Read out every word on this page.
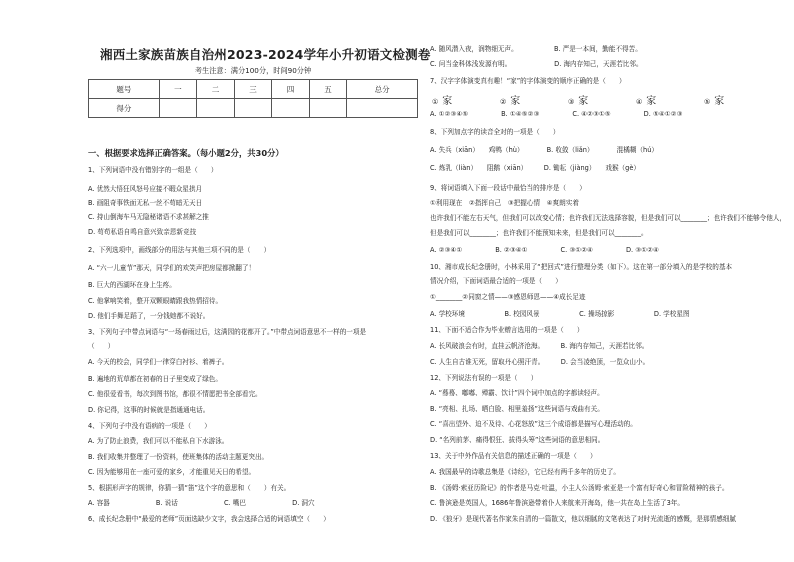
湘西土家族苗族自治州2023-2024学年小升初语文检测卷
考生注意：满分100分，时间90分钟
题号	一	二	三	四	五	总分
得分						
一、根据要求选择正确答案。（每小题2分，共30分）
1、下列词语中没有错别字的一组是（　　）
A. 优然大悟狂风怒号应接不暇众星拱月
B. 画阻奇事铁面无私一丝不苟暗无天日
C. 持山倒海车马无隐秘诸语不求甚解之推
D. 苟苟私语自鸣自意兴致亲恩新竞技
2、下列选项中，画线部分的用法与其他三项不同的是（　　）
A. “六一儿童节”那天，同学们的欢笑声把房屋都掀翻了！
B. 巨大的西湖环在身上生疼。
C. 他掌响笑着，整开双颗眼睛跟我热情招待。
D. 他们手舞足蹈了，一分钱她都不说好。
3、下列句子中带点词语与“一场春雨过后，这满园的花都开了。”中带点词语意思不一样的一项是
（　　）
A. 今天的校会，同学们一律穿白衬衫、着裤子。
B. 遍地的荒草都在初春的日子里变成了绿色。
C. 他很爱看书，每次到图书馆，都很不情愿把书全部看完。
D. 你记得，这事的时候就是指通通电话。
4、下列句子中没有语病的一项是（　　）
A. 为了防止浪费，我们可以不能私自下水游泳。
B. 我们收集并整理了一份资料，使班集体的活动主题更突出。
C. 因为能够用在一座可爱的家乡，才能重见天日的希望。
5、根据形声字的规律，你猜一猜“笛”这个字的意思和（　　）有关。
A. 容器　　　　　　　B. 说话　　　　　　　C. 嘴巴　　　　　　　D. 洞穴
6、成长纪念册中“最爱的老师”页面选缺少文字，我会选择合适的词语填空（　　）
A. 随风潜入夜，润物细无声。　　　　　　B. 严是一本间，勤能不得苦。
C. 问当金科体浅发源有明。　　　　　　　D. 海内存知己，天涯若比邻。
7、汉字字体演变真有趣！“家”的字体演变的顺序正确的是（　　）
8、下列加点字的读音全对的一项是（　　）
A. 失兵（xiān）　　鸡鸭（hù）　　　　B. 收敛（liǎn）　　　　混橘糊（hú）
C. 炼乳（liàn）　　阻鹅（xiān）　　　D. 锄耘（jiàng）　　戏猴（gè）
9、将词语填入下面一段话中最恰当的排序是（　　）
①利用现在　②指挥自己　③把握心情　④爽朗实着
也许我们不能左右天气，但我们可以改变心情；也许我们无法选择容貌，但是我们可以________；也许我们不能够令他人，
但是我们可以________；也许我们不能预知未来，但是我们可以________。
A. ②③④①　　　　　B. ②③④①　　　　　C. ③①②④　　　　　D. ③①②④
10、湘市成长纪念册时，小林采用了“把回式”进行整理分类（如下）。这在第一部分填入的是学校的基本
情况介绍，下面词语最合适的一项是（　　）
①________②同窗之情——③感恩师恩——④成长足迹
A. 学校环境　　　　　　B. 校园风景　　　　　　C. 操场掠影　　　　　　D. 学校星图
11、下面不适合作为毕业赠言选用的一项是（　　）
A. 长风破浪会有时，直挂云帆济沧海。　　　B. 海内存知己，天涯若比邻。
C. 人生自古谁无死，留取丹心照汗青。　　　D. 会当凌绝顶，一览众山小。
12、下列说法有误的一项是（　　）
A. “蓦蓦、嘟嘟、殚霸、饮计”四个词中加点的字都读轻声。
B. “亮相、扎场、晒白脸、相里羞扬”这些词语与戏曲有关。
C. “喜出望外、迫不及待、心花怒放”这三个成语都是描写心理活动的。
D. “名列前茅、痛得恨狂、拔得头筹”这些词语的意思相同。
13、关于中外作品有关信息的描述正确的一项是（　　）
A. 我国最早的诗歌总集是《诗经》，它已经有两千多年的历史了。
B. 《汤姆·索亚历险记》的作者是马克·吐温，小主人公汤姆·索亚是一个富有好奇心和冒险精神的孩子。
C. 鲁滨逊是英国人，1686年鲁滨逊带着仆人来航来开海岛，他一共在岛上生活了3年。
D. 《狼牙》是现代著名作家朱自清的一篇散文，他以细腻的文笔表达了对时光流逝的感慨，是那情感细腻
① 家	② 家	③ 家	④ 家	⑤ 家
A. ①②③④⑤　　　　　B. ①④⑤②③　　　　　C. ④②③①⑤　　　　　D. ⑤④①②③
